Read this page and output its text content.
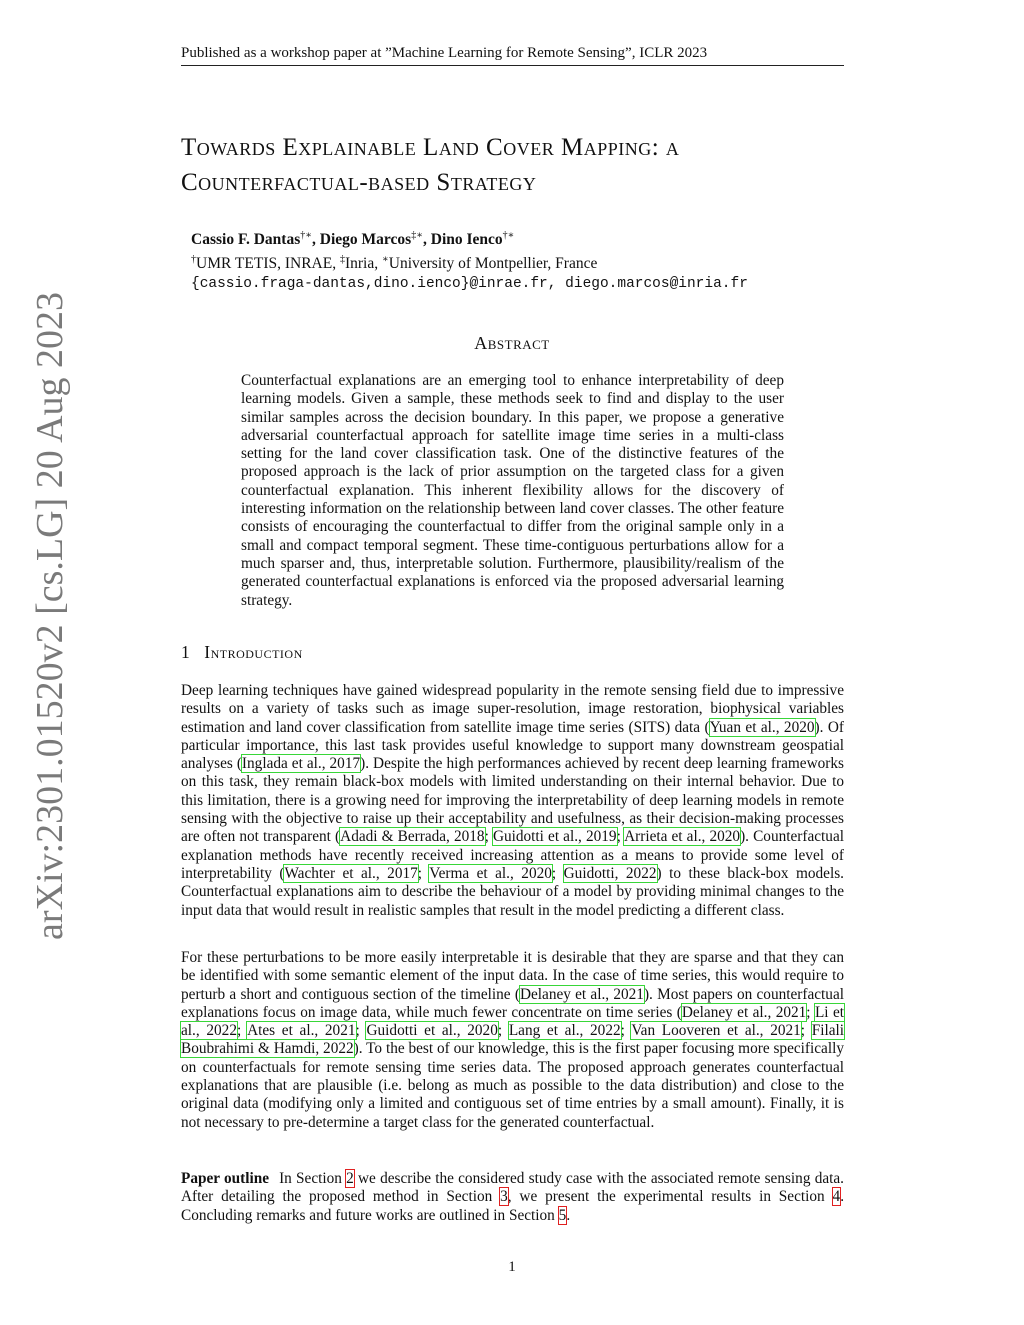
Published as a workshop paper at ”Machine Learning for Remote Sensing”, ICLR 2023
arXiv:2301.01520v2 [cs.LG] 20 Aug 2023
Towards Explainable Land Cover Mapping: a
Counterfactual-based Strategy
Cassio F. Dantas†∗, Diego Marcos‡∗, Dino Ienco†∗
†UMR TETIS, INRAE, ‡Inria, ∗University of Montpellier, France
{cassio.fraga-dantas,dino.ienco}@inrae.fr, diego.marcos@inria.fr
Abstract

Counterfactual explanations are an emerging tool to enhance interpretability of deep learning models. Given a sample, these methods seek to find and display to the user similar samples across the decision boundary. In this paper, we propose a generative adversarial counterfactual approach for satellite image time series in a multi-class setting for the land cover classification task. One of the distinctive features of the proposed approach is the lack of prior assumption on the targeted class for a given counterfactual explanation. This inherent flexibility allows for the discovery of interesting information on the relationship between land cover classes. The other feature consists of encouraging the counterfactual to differ from the original sample only in a small and compact temporal segment. These time-contiguous perturbations allow for a much sparser and, thus, interpretable solution. Furthermore, plausibility/realism of the generated counterfactual explanations is enforced via the proposed adversarial learning strategy.

1 Introduction

Deep learning techniques have gained widespread popularity in the remote sensing field due to impressive results on a variety of tasks such as image super-resolution, image restoration, biophysical variables estimation and land cover classification from satellite image time series (SITS) data (Yuan et al., 2020). Of particular importance, this last task provides useful knowledge to support many downstream geospatial analyses (Inglada et al., 2017). Despite the high performances achieved by recent deep learning frameworks on this task, they remain black-box models with limited understanding on their internal behavior. Due to this limitation, there is a growing need for improving the interpretability of deep learning models in remote sensing with the objective to raise up their acceptability and usefulness, as their decision-making processes are often not transparent (Adadi & Berrada, 2018; Guidotti et al., 2019; Arrieta et al., 2020). Counterfactual explanation methods have recently received increasing attention as a means to provide some level of interpretability (Wachter et al., 2017; Verma et al., 2020; Guidotti, 2022) to these black-box models. Counterfactual explanations aim to describe the behaviour of a model by providing minimal changes to the input data that would result in realistic samples that result in the model predicting a different class.

For these perturbations to be more easily interpretable it is desirable that they are sparse and that they can be identified with some semantic element of the input data. In the case of time series, this would require to perturb a short and contiguous section of the timeline (Delaney et al., 2021). Most papers on counterfactual explanations focus on image data, while much fewer concentrate on time series (Delaney et al., 2021; Li et al., 2022; Ates et al., 2021; Guidotti et al., 2020; Lang et al., 2022; Van Looveren et al., 2021; Filali Boubrahimi & Hamdi, 2022). To the best of our knowledge, this is the first paper focusing more specifically on counterfactuals for remote sensing time series data. The proposed approach generates counterfactual explanations that are plausible (i.e. belong as much as possible to the data distribution) and close to the original data (modifying only a limited and contiguous set of time entries by a small amount). Finally, it is not necessary to pre-determine a target class for the generated counterfactual.

Paper outline In Section 2 we describe the considered study case with the associated remote sensing data. After detailing the proposed method in Section 3, we present the experimental results in Section 4. Concluding remarks and future works are outlined in Section 5.

1
